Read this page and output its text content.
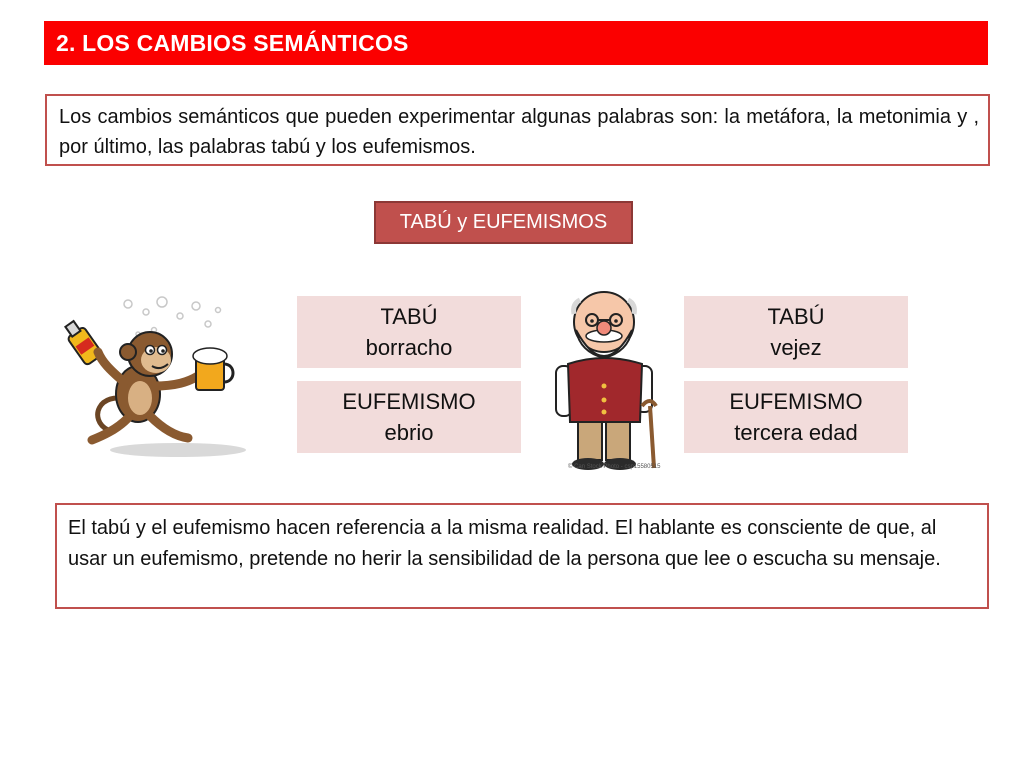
2. LOS CAMBIOS SEMÁNTICOS
Los cambios semánticos que pueden experimentar algunas palabras son: la metáfora, la metonimia y , por último, las palabras tabú y los eufemismos.
TABÚ y EUFEMISMOS
TABÚ
borracho
EUFEMISMO
ebrio
© Can Stock Photo - csp15580515
TABÚ
vejez
EUFEMISMO
tercera edad
El tabú y el eufemismo hacen referencia a la misma realidad. El hablante es consciente de que, al usar un eufemismo, pretende no herir la sensibilidad de la persona que lee o escucha su mensaje.
